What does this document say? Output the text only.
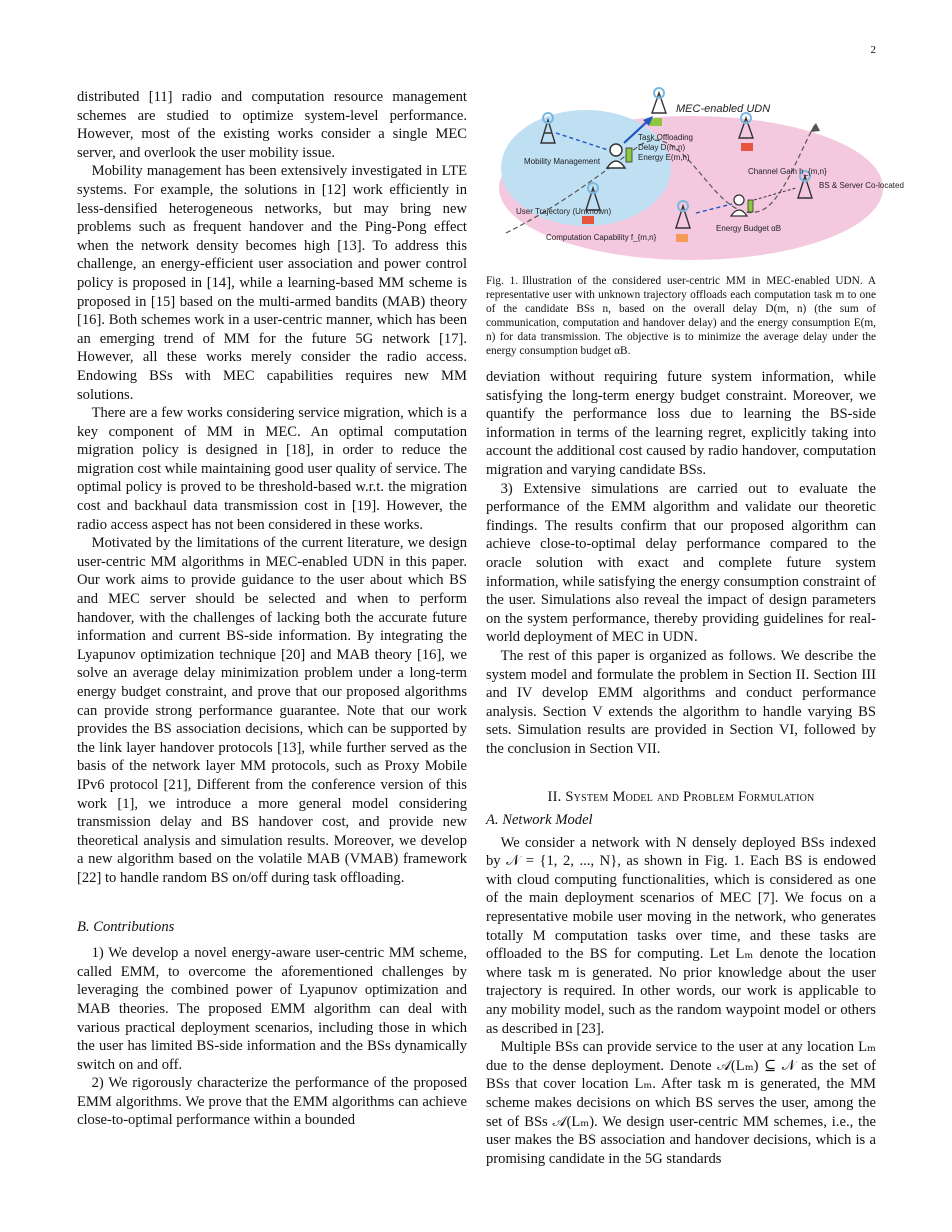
2

distributed [11] radio and computation resource management schemes are studied to optimize system-level performance. However, most of the existing works consider a single MEC server, and overlook the user mobility issue.

Mobility management has been extensively investigated in LTE systems. For example, the solutions in [12] work efficiently in less-densified heterogeneous networks, but may bring new problems such as frequent handover and the Ping-Pong effect when the network density becomes high [13]. To address this challenge, an energy-efficient user association and power control policy is proposed in [14], while a learning-based MM scheme is proposed in [15] based on the multi-armed bandits (MAB) theory [16]. Both schemes work in a user-centric manner, which has been an emerging trend of MM for the future 5G network [17]. However, all these works merely consider the radio access. Endowing BSs with MEC capabilities requires new MM solutions.

There are a few works considering service migration, which is a key component of MM in MEC. An optimal computation migration policy is designed in [18], in order to reduce the migration cost while maintaining good user quality of service. The optimal policy is proved to be threshold-based w.r.t. the migration cost and backhaul data transmission cost in [19]. However, the radio access aspect has not been considered in these works.

Motivated by the limitations of the current literature, we design user-centric MM algorithms in MEC-enabled UDN in this paper. Our work aims to provide guidance to the user about which BS and MEC server should be selected and when to perform handover, with the challenges of lacking both the accurate future information and current BS-side information. By integrating the Lyapunov optimization technique [20] and MAB theory [16], we solve an average delay minimization problem under a long-term energy budget constraint, and prove that our proposed algorithms can provide strong performance guarantee. Note that our work provides the BS association decisions, which can be supported by the link layer handover protocols [13], while further served as the basis of the network layer MM protocols, such as Proxy Mobile IPv6 protocol [21], Different from the conference version of this work [1], we introduce a more general model considering transmission delay and BS handover cost, and provide new theoretical analysis and simulation results. Moreover, we develop a new algorithm based on the volatile MAB (VMAB) framework [22] to handle random BS on/off during task offloading.

B. Contributions

1) We develop a novel energy-aware user-centric MM scheme, called EMM, to overcome the aforementioned challenges by leveraging the combined power of Lyapunov optimization and MAB theories. The proposed EMM algorithm can deal with various practical deployment scenarios, including those in which the user has limited BS-side information and the BSs dynamically switch on and off.

2) We rigorously characterize the performance of the proposed EMM algorithms. We prove that the EMM algorithms can achieve close-to-optimal performance within a bounded

MEC-enabled UDN
Task Offloading
Delay D(m,n)
Energy E(m,n)
Mobility Management
Channel Gain h_{m,n}
BS & Server Co-located
User Trajectory (Unknown)
Computation Capability f_{m,n}
Energy Budget αB
Fig. 1. Illustration of the considered user-centric MM in MEC-enabled UDN. A representative user with unknown trajectory offloads each computation task m to one of the candidate BSs n, based on the overall delay D(m, n) (the sum of communication, computation and handover delay) and the energy consumption E(m, n) for data transmission. The objective is to minimize the average delay under the energy consumption budget αB.

deviation without requiring future system information, while satisfying the long-term energy budget constraint. Moreover, we quantify the performance loss due to learning the BS-side information in terms of the learning regret, explicitly taking into account the additional cost caused by radio handover, computation migration and varying candidate BSs.

3) Extensive simulations are carried out to evaluate the performance of the EMM algorithm and validate our theoretic findings. The results confirm that our proposed algorithm can achieve close-to-optimal delay performance compared to the oracle solution with exact and complete future system information, while satisfying the energy consumption constraint of the user. Simulations also reveal the impact of design parameters on the system performance, thereby providing guidelines for real-world deployment of MEC in UDN.

The rest of this paper is organized as follows. We describe the system model and formulate the problem in Section II. Section III and IV develop EMM algorithms and conduct performance analysis. Section V extends the algorithm to handle varying BS sets. Simulation results are provided in Section VI, followed by the conclusion in Section VII.

II. System Model and Problem Formulation
A. Network Model

We consider a network with N densely deployed BSs indexed by 𝒩 = {1, 2, ..., N}, as shown in Fig. 1. Each BS is endowed with cloud computing functionalities, which is considered as one of the main deployment scenarios of MEC [7]. We focus on a representative mobile user moving in the network, who generates totally M computation tasks over time, and these tasks are offloaded to the BS for computing. Let Lₘ denote the location where task m is generated. No prior knowledge about the user trajectory is required. In other words, our work is applicable to any mobility model, such as the random waypoint model or others as described in [23].

Multiple BSs can provide service to the user at any location Lₘ due to the dense deployment. Denote 𝒜(Lₘ) ⊆ 𝒩 as the set of BSs that cover location Lₘ. After task m is generated, the MM scheme makes decisions on which BS serves the user, among the set of BSs 𝒜(Lₘ). We design user-centric MM schemes, i.e., the user makes the BS association and handover decisions, which is a promising candidate in the 5G standards
